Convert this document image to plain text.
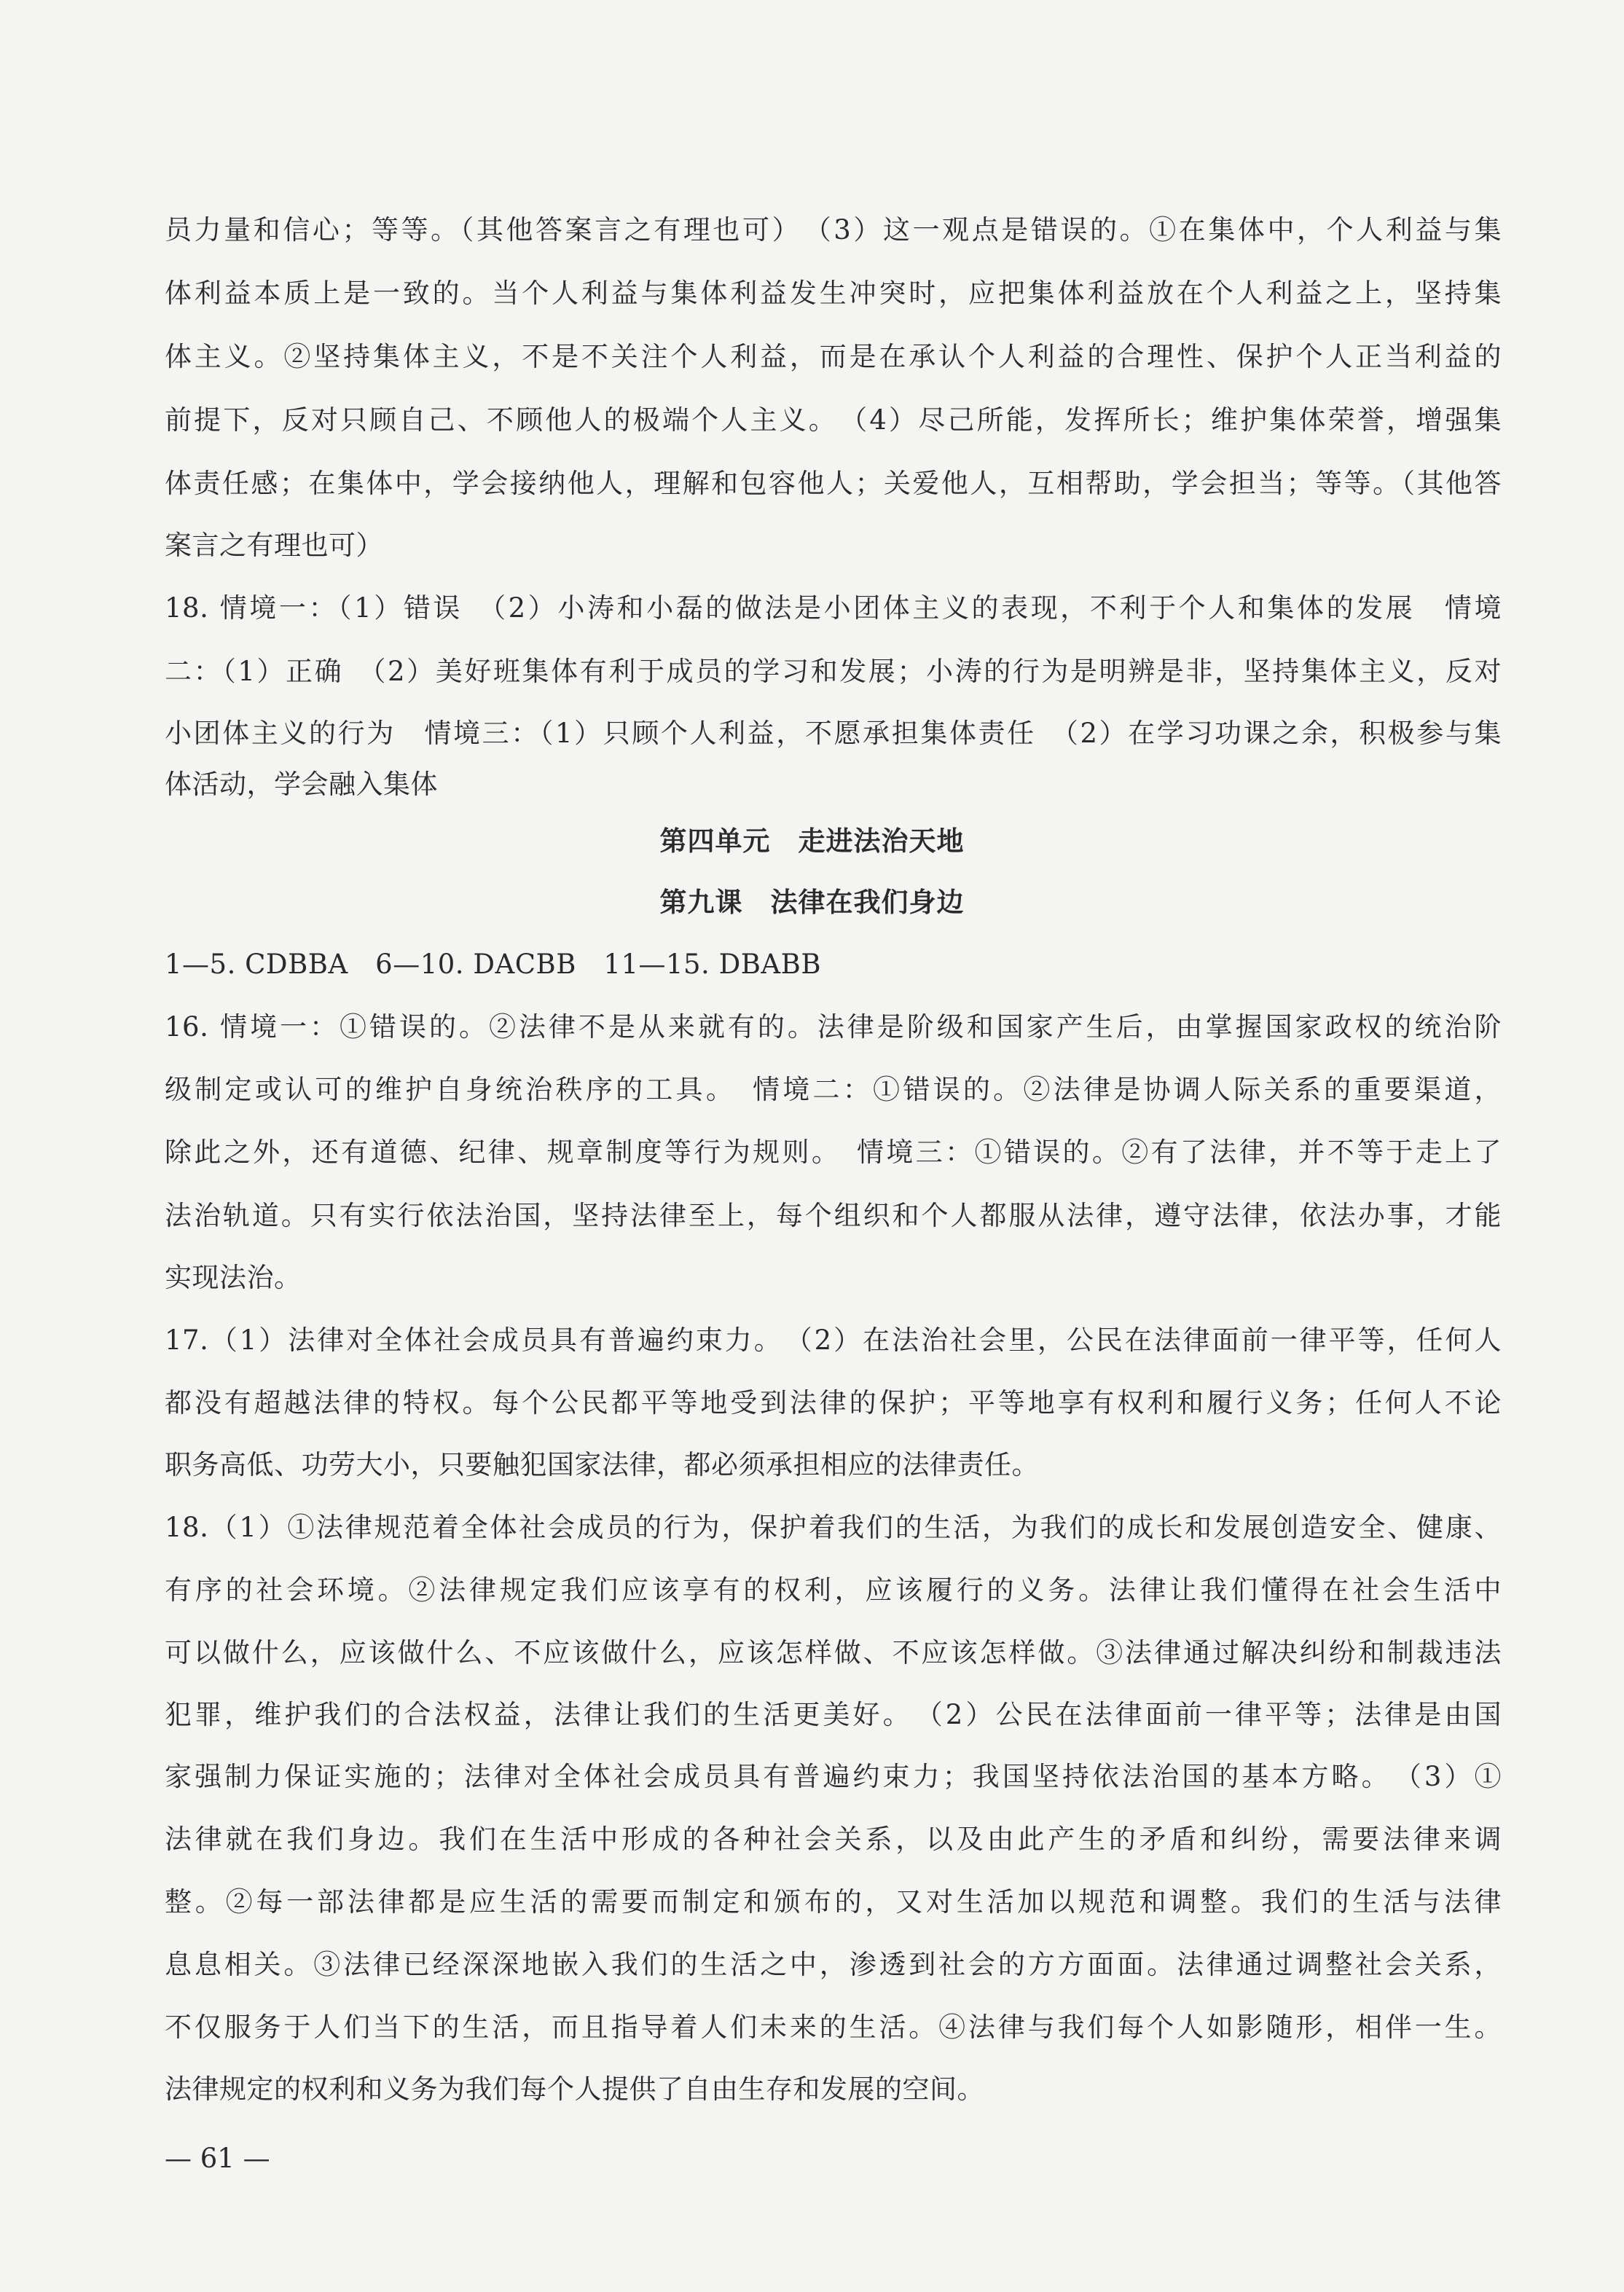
员力量和信心；等等。（其他答案言之有理也可）　（3）这一观点是错误的。①在集体中，个人利益与集
体利益本质上是一致的。当个人利益与集体利益发生冲突时，应把集体利益放在个人利益之上，坚持集
体主义。②坚持集体主义，不是不关注个人利益，而是在承认个人利益的合理性、保护个人正当利益的
前提下，反对只顾自己、不顾他人的极端个人主义。　（4）尽己所能，发挥所长；维护集体荣誉，增强集
体责任感；在集体中，学会接纳他人，理解和包容他人；关爱他人，互相帮助，学会担当；等等。（其他答
案言之有理也可）
18. 情境一：（1）错误　（2）小涛和小磊的做法是小团体主义的表现，不利于个人和集体的发展　情境
二：（1）正确　（2）美好班集体有利于成员的学习和发展；小涛的行为是明辨是非，坚持集体主义，反对
小团体主义的行为　情境三：（1）只顾个人利益，不愿承担集体责任　（2）在学习功课之余，积极参与集
体活动，学会融入集体
第四单元　走进法治天地
第九课　法律在我们身边
1—5. CDBBA　6—10. DACBB　11—15. DBABB
16. 情境一：①错误的。②法律不是从来就有的。法律是阶级和国家产生后，由掌握国家政权的统治阶
级制定或认可的维护自身统治秩序的工具。　情境二：①错误的。②法律是协调人际关系的重要渠道，
除此之外，还有道德、纪律、规章制度等行为规则。　情境三：①错误的。②有了法律，并不等于走上了
法治轨道。只有实行依法治国，坚持法律至上，每个组织和个人都服从法律，遵守法律，依法办事，才能
实现法治。
17.（1）法律对全体社会成员具有普遍约束力。　（2）在法治社会里，公民在法律面前一律平等，任何人
都没有超越法律的特权。每个公民都平等地受到法律的保护；平等地享有权利和履行义务；任何人不论
职务高低、功劳大小，只要触犯国家法律，都必须承担相应的法律责任。
18.（1）①法律规范着全体社会成员的行为，保护着我们的生活，为我们的成长和发展创造安全、健康、
有序的社会环境。②法律规定我们应该享有的权利，应该履行的义务。法律让我们懂得在社会生活中
可以做什么，应该做什么、不应该做什么，应该怎样做、不应该怎样做。③法律通过解决纠纷和制裁违法
犯罪，维护我们的合法权益，法律让我们的生活更美好。　（2）公民在法律面前一律平等；法律是由国
家强制力保证实施的；法律对全体社会成员具有普遍约束力；我国坚持依法治国的基本方略。　（3）①
法律就在我们身边。我们在生活中形成的各种社会关系，以及由此产生的矛盾和纠纷，需要法律来调
整。②每一部法律都是应生活的需要而制定和颁布的，又对生活加以规范和调整。我们的生活与法律
息息相关。③法律已经深深地嵌入我们的生活之中，渗透到社会的方方面面。法律通过调整社会关系，
不仅服务于人们当下的生活，而且指导着人们未来的生活。④法律与我们每个人如影随形，相伴一生。
法律规定的权利和义务为我们每个人提供了自由生存和发展的空间。
— 61 —
